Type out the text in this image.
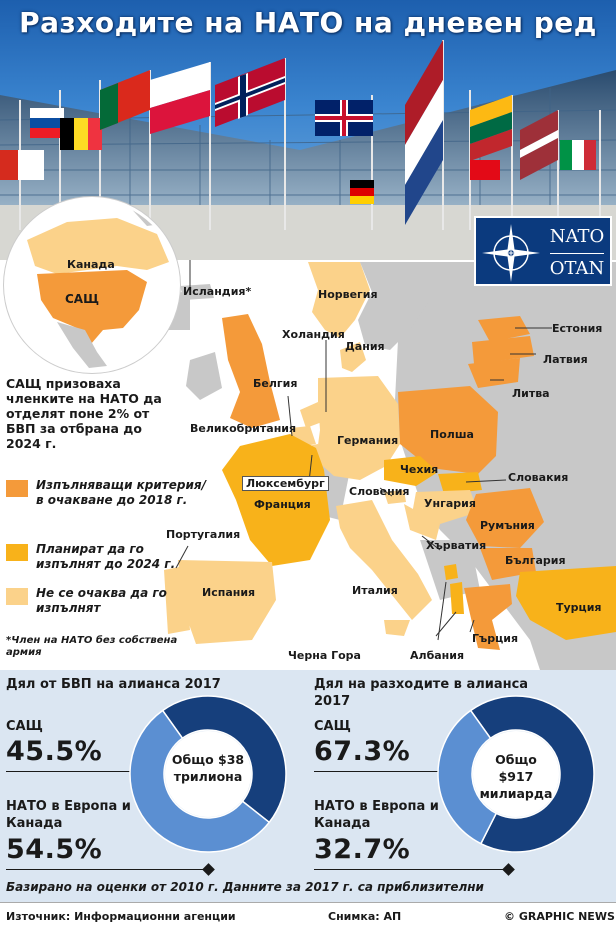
Разходите на НАТО на дневен ред
NATO
OTAN
Исландия*	Норвегия
Естония
Латвия
Литва
Холандия
Дания
Белгия
Великобритания
Германия	Полша
Чехия
Словакия
Люксембург
Франция
Словения
Унгария
Румъния
Хърватия
България
Португалия
Испания	Италия
Турция
Гърция
Албания
Черна Гора
Канада
САЩ
САЩ призоваха членките на НАТО да отделят поне 2% от БВП за отбрана до 2024 г.
Изпълняващи критерия/ в очакване до 2018 г.
Планират да го изпълнят до 2024 г.
Не се очаква да го изпълнят
*Член на НАТО без собствена армия
Дял от БВП на алианса 2017
САЩ
45.5%
НАТО в Европа и Канада
54.5%
Общо $38 трилиона
Дял на разходите в алианса 2017
САЩ
67.3%
НАТО в Европа и Канада
32.7%
Общо $917 милиарда
Базирано на оценки от 2010 г. Данните за 2017 г. са приблизителни
Източник: Информационни агенции	Снимка: АП	© GRAPHIC NEWS
